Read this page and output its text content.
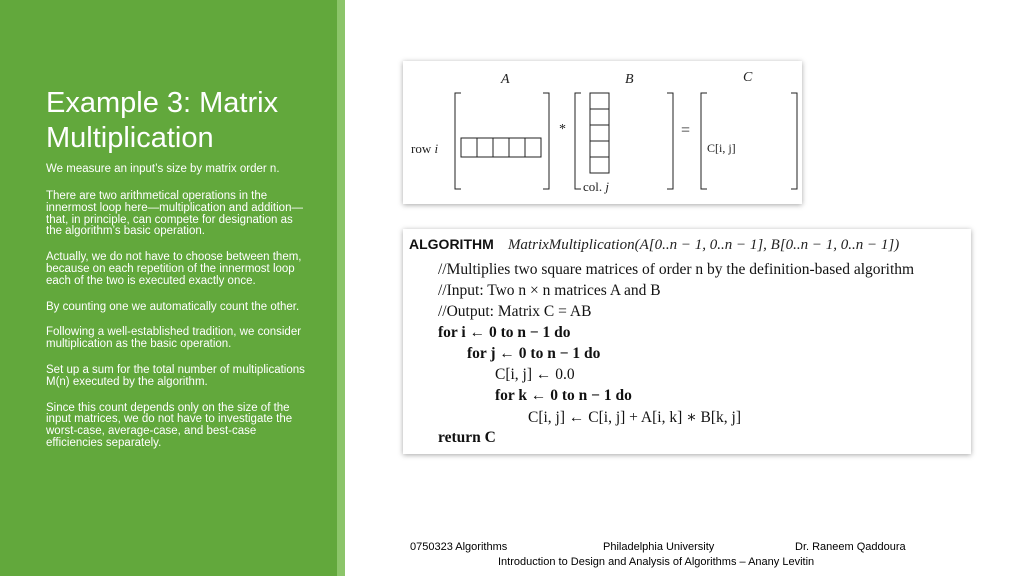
Example 3: Matrix Multiplication
We measure an input’s size by matrix order n.

There are two arithmetical operations in the innermost loop here—multiplication and addition—that, in principle, can compete for designation as the algorithm’s basic operation.

Actually, we do not have to choose between them, because on each repetition of the innermost loop each of the two is executed exactly once.

By counting one we automatically count the other.

Following a well-established tradition, we consider multiplication as the basic operation.

Set up a sum for the total number of multiplications M(n) executed by the algorithm.

Since this count depends only on the size of the input matrices, we do not have to investigate the worst-case, average-case, and best-case efficiencies separately.

A	B	C
row i
col. j
*	=
C[i, j]
ALGORITHM MatrixMultiplication(A[0..n − 1, 0..n − 1], B[0..n − 1, 0..n − 1])
//Multiplies two square matrices of order n by the definition-based algorithm
//Input: Two n × n matrices A and B
//Output: Matrix C = AB
for i ← 0 to n − 1 do
for j ← 0 to n − 1 do
C[i, j] ← 0.0
for k ← 0 to n − 1 do
C[i, j] ← C[i, j] + A[i, k] ∗ B[k, j]
return C
0750323 Algorithms	Philadelphia University	Dr. Raneem Qaddoura
Introduction to Design and Analysis of Algorithms – Anany Levitin
